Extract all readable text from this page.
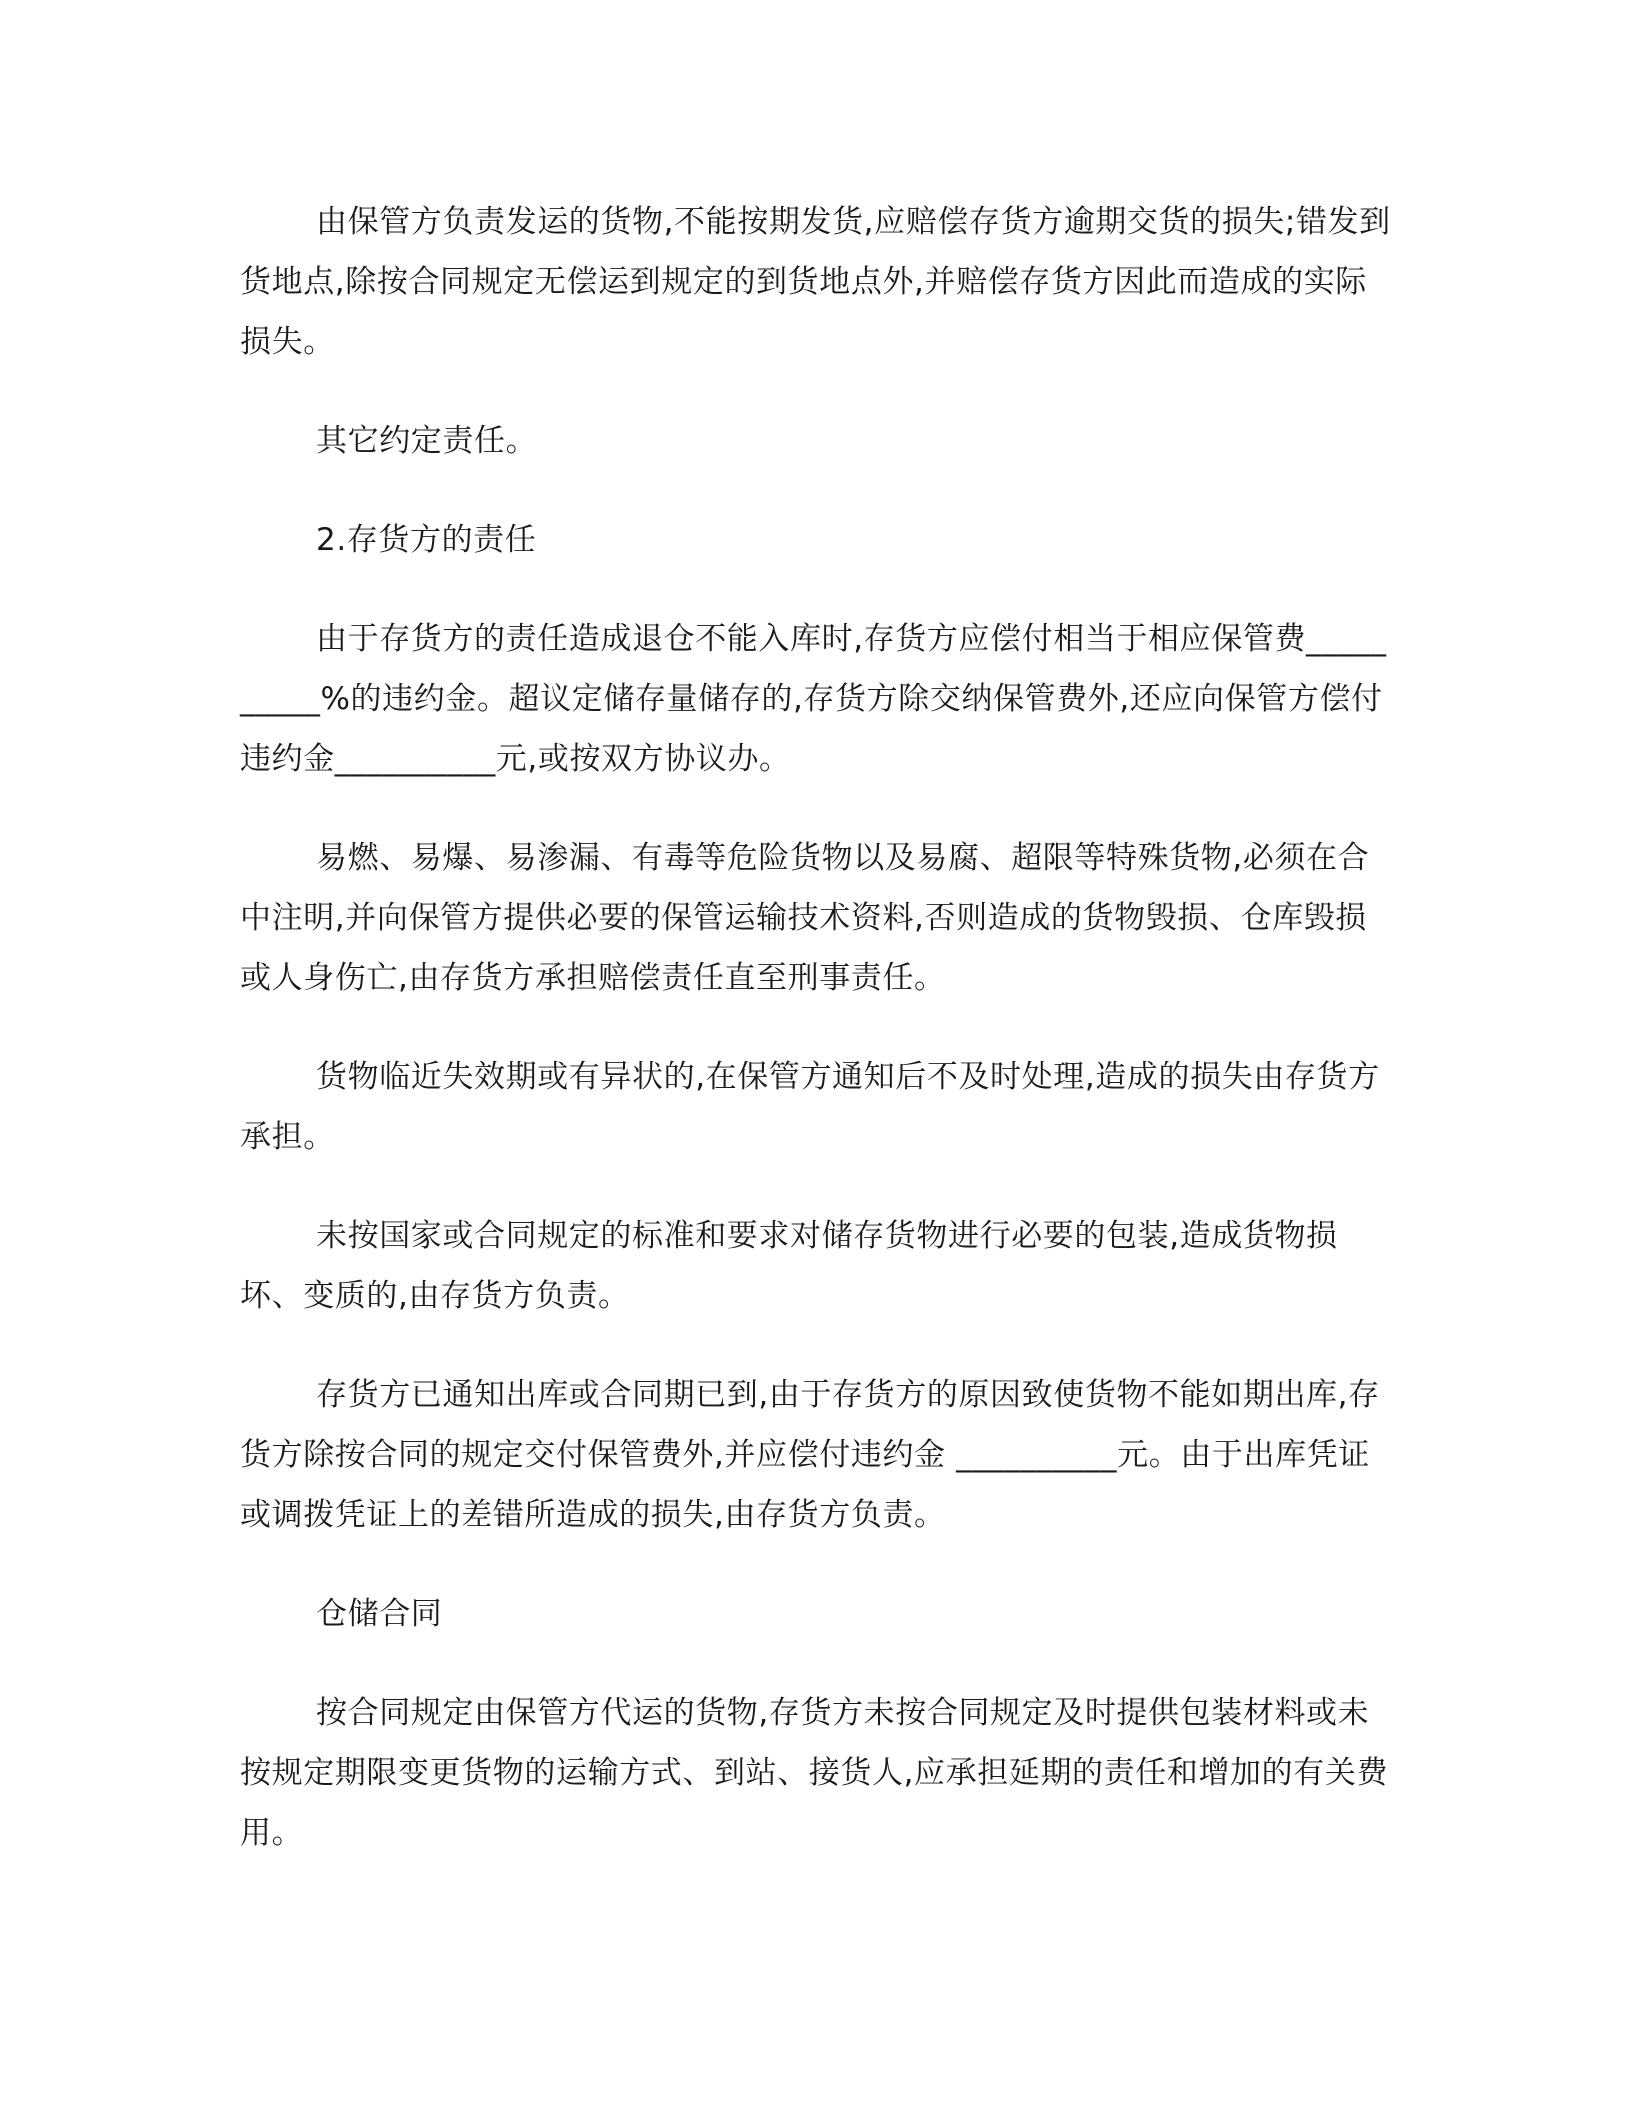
由保管方负责发运的货物,不能按期发货,应赔偿存货方逾期交货的损失;错发到货地点,除按合同规定无偿运到规定的到货地点外,并赔偿存货方因此而造成的实际损失。

其它约定责任。

2.存货方的责任

由于存货方的责任造成退仓不能入库时,存货方应偿付相当于相应保管费__________%的违约金。超议定储存量储存的,存货方除交纳保管费外,还应向保管方偿付违约金__________元,或按双方协议办。

易燃、易爆、易渗漏、有毒等危险货物以及易腐、超限等特殊货物,必须在合中注明,并向保管方提供必要的保管运输技术资料,否则造成的货物毁损、仓库毁损或人身伤亡,由存货方承担赔偿责任直至刑事责任。

货物临近失效期或有异状的,在保管方通知后不及时处理,造成的损失由存货方承担。

未按国家或合同规定的标准和要求对储存货物进行必要的包装,造成货物损坏、变质的,由存货方负责。

存货方已通知出库或合同期已到,由于存货方的原因致使货物不能如期出库,存货方除按合同的规定交付保管费外,并应偿付违约金 __________元。由于出库凭证或调拨凭证上的差错所造成的损失,由存货方负责。

仓储合同

按合同规定由保管方代运的货物,存货方未按合同规定及时提供包装材料或未按规定期限变更货物的运输方式、到站、接货人,应承担延期的责任和增加的有关费用。
